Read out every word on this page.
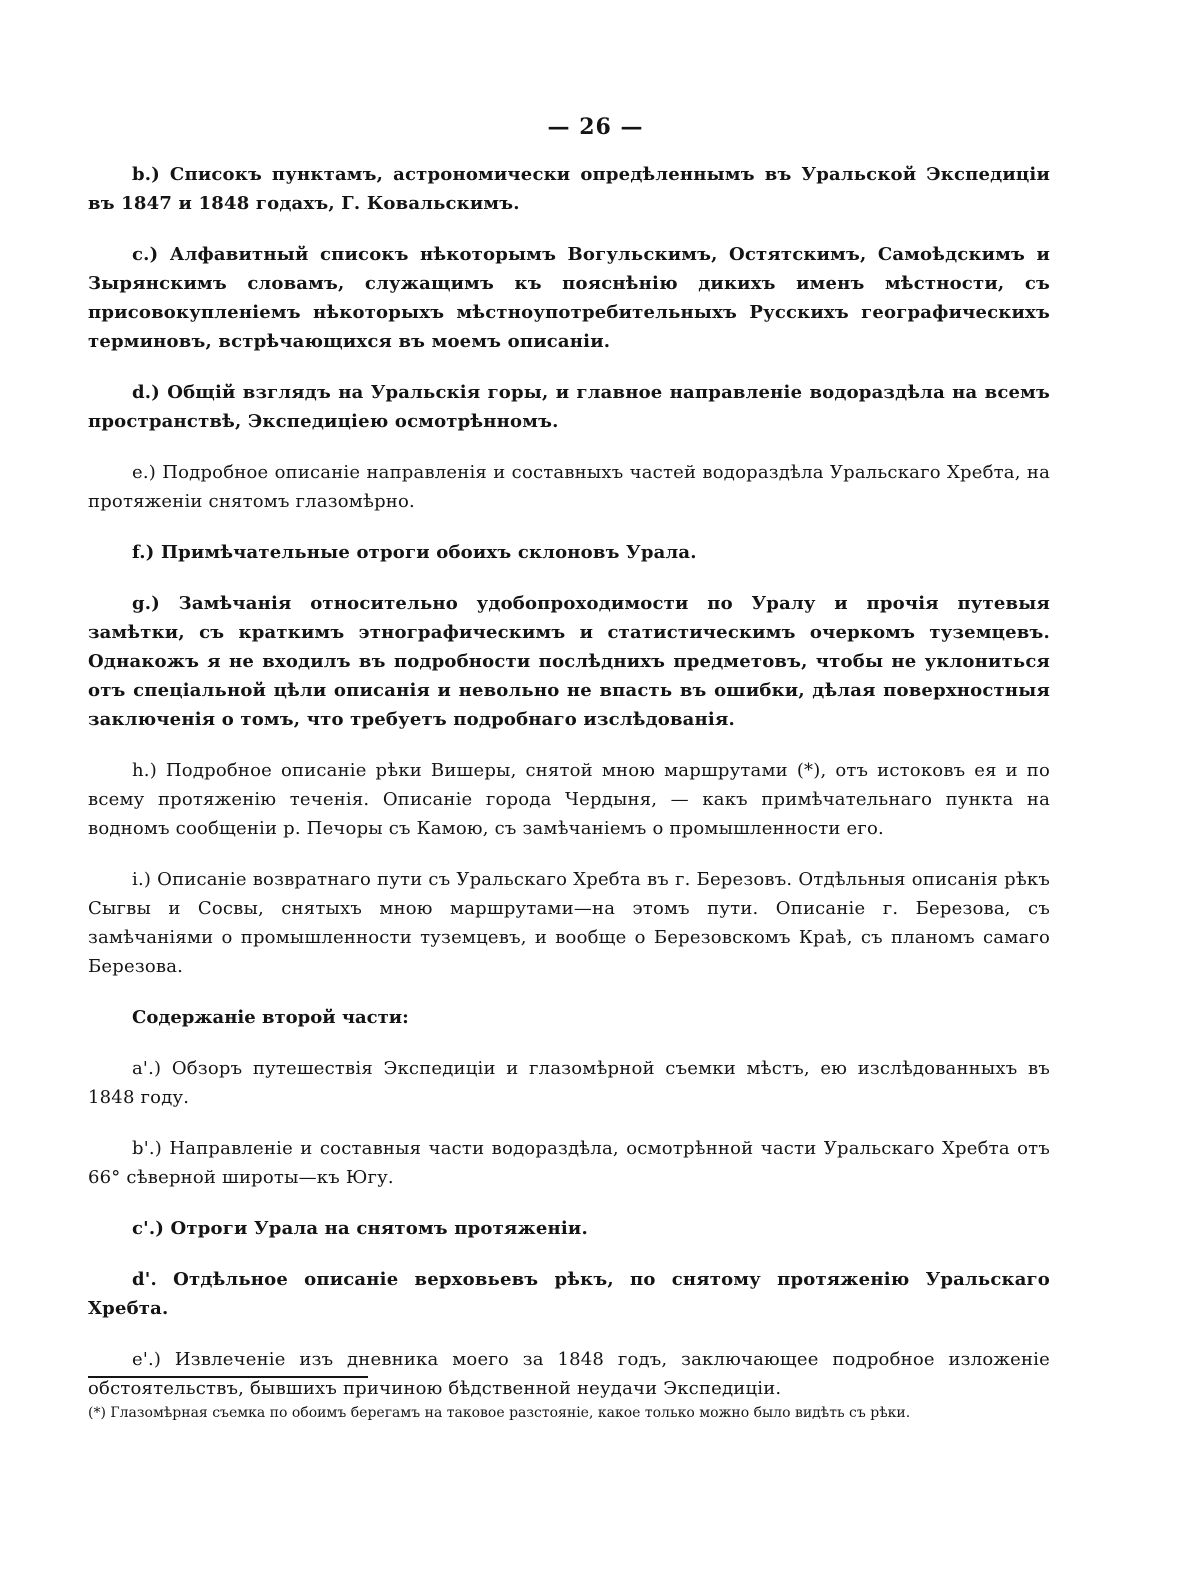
— 26 —

b.) Списокъ пунктамъ, астрономически опредѣленнымъ въ Уральской Экспедиціи въ 1847 и 1848 годахъ, Г. Ковальскимъ.

c.) Алфавитный списокъ нѣкоторымъ Вогульскимъ, Остятскимъ, Самоѣдскимъ и Зырянскимъ словамъ, служащимъ къ пояснѣнію дикихъ именъ мѣстности, съ присовокупленіемъ нѣкоторыхъ мѣстноупотребительныхъ Русскихъ географическихъ терминовъ, встрѣчающихся въ моемъ описаніи.

d.) Общій взглядъ на Уральскія горы, и главное направленіе водораздѣла на всемъ пространствѣ, Экспедиціею осмотрѣнномъ.

e.) Подробное описаніе направленія и составныхъ частей водораздѣла Уральскаго Хребта, на протяженіи снятомъ глазомѣрно.

f.) Примѣчательные отроги обоихъ склоновъ Урала.

g.) Замѣчанія относительно удобопроходимости по Уралу и прочія путевыя замѣтки, съ краткимъ этнографическимъ и статистическимъ очеркомъ туземцевъ. Однакожъ я не входилъ въ подробности послѣднихъ предметовъ, чтобы не уклониться отъ спеціальной цѣли описанія и невольно не впасть въ ошибки, дѣлая поверхностныя заключенія о томъ, что требуетъ подробнаго изслѣдованія.

h.) Подробное описаніе рѣки Вишеры, снятой мною маршрутами (*), отъ истоковъ ея и по всему протяженію теченія. Описаніе города Чердыня, — какъ примѣчательнаго пункта на водномъ сообщеніи р. Печоры съ Камою, съ замѣчаніемъ о промышленности его.

i.) Описаніе возвратнаго пути съ Уральскаго Хребта въ г. Березовъ. Отдѣльныя описанія рѣкъ Сыгвы и Сосвы, снятыхъ мною маршрутами—на этомъ пути. Описаніе г. Березова, съ замѣчаніями о промышленности туземцевъ, и вообще о Березовскомъ Краѣ, съ планомъ самаго Березова.

Содержаніе второй части:

a'.) Обзоръ путешествія Экспедиціи и глазомѣрной съемки мѣстъ, ею изслѣдованныхъ въ 1848 году.

b'.) Направленіе и составныя части водораздѣла, осмотрѣнной части Уральскаго Хребта отъ 66° сѣверной широты—къ Югу.

c'.) Отроги Урала на снятомъ протяженіи.

d'. Отдѣльное описаніе верховьевъ рѣкъ, по снятому протяженію Уральскаго Хребта.

e'.) Извлеченіе изъ дневника моего за 1848 годъ, заключающее подробное изложеніе обстоятельствъ, бывшихъ причиною бѣдственной неудачи Экспедиціи.

(*) Глазомѣрная съемка по обоимъ берегамъ на таковое разстояніе, какое только можно было видѣть съ рѣки.
